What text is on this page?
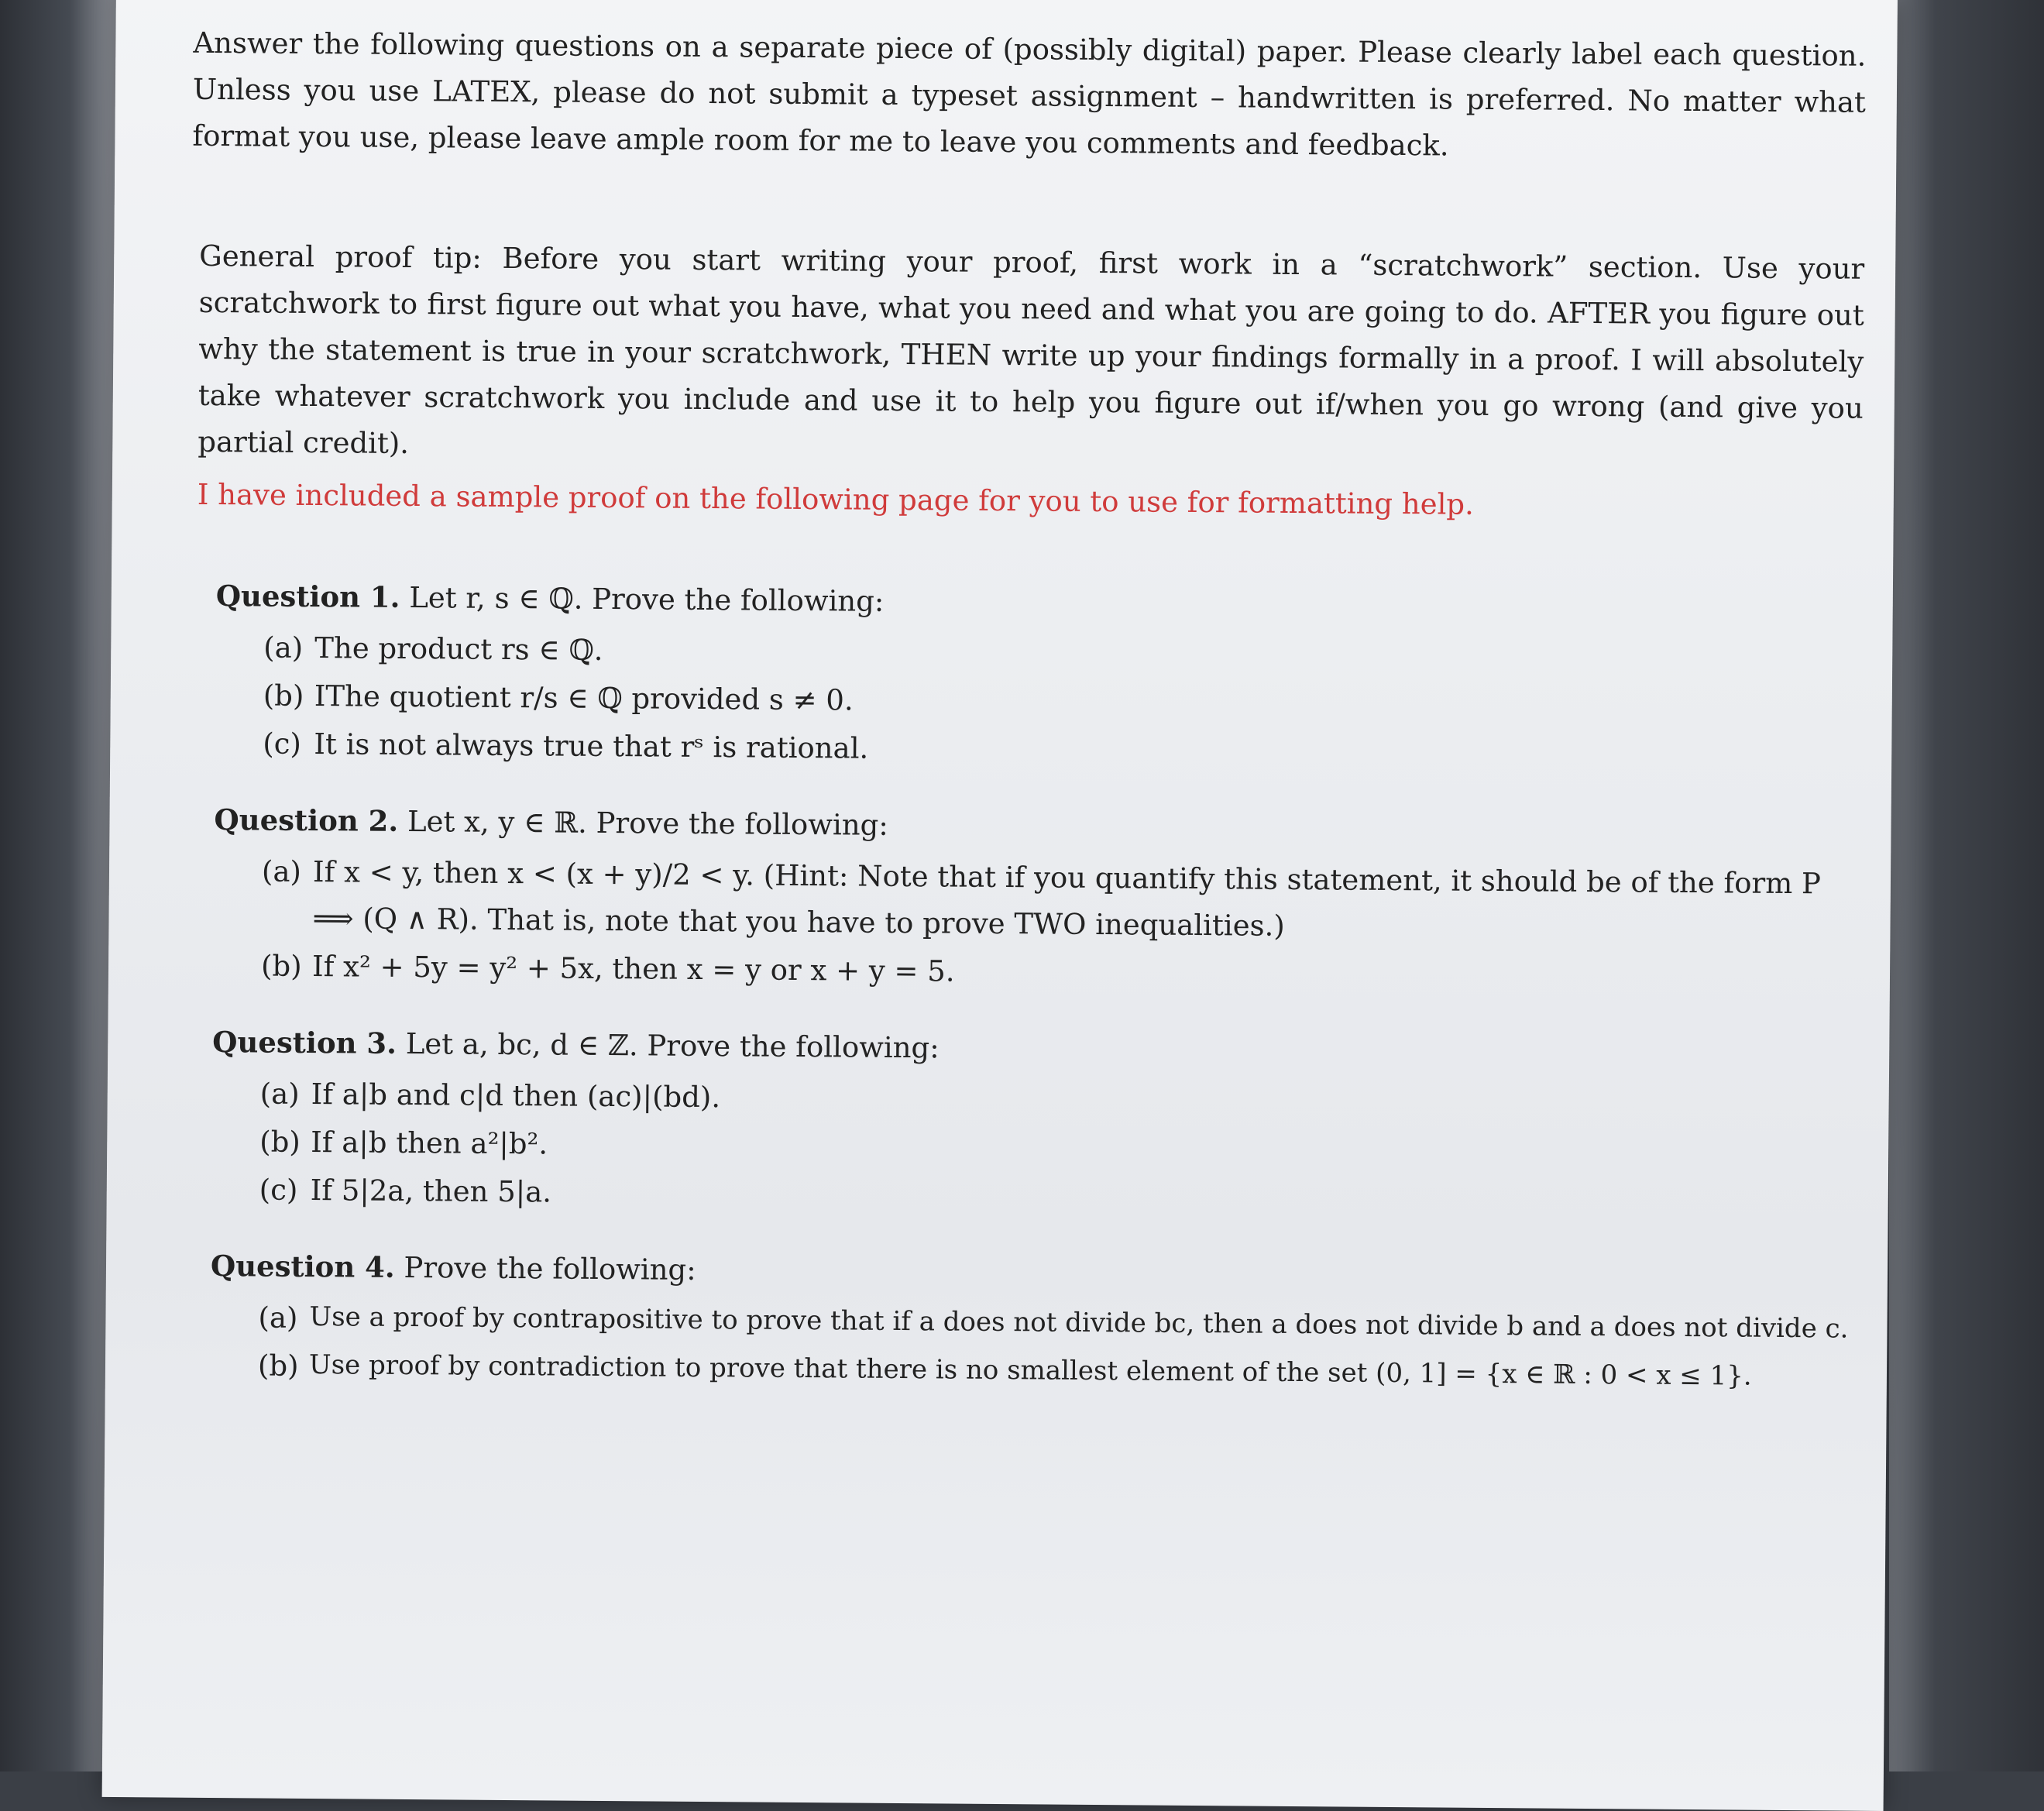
Answer the following questions on a separate piece of (possibly digital) paper. Please clearly label each question. Unless you use LATEX, please do not submit a typeset assignment – handwritten is preferred. No matter what format you use, please leave ample room for me to leave you comments and feedback.

General proof tip: Before you start writing your proof, first work in a “scratchwork” section. Use your scratchwork to first figure out what you have, what you need and what you are going to do. AFTER you figure out why the statement is true in your scratchwork, THEN write up your findings formally in a proof. I will absolutely take whatever scratchwork you include and use it to help you figure out if/when you go wrong (and give you partial credit).

I have included a sample proof on the following page for you to use for formatting help.

Question 1. Let r, s ∈ ℚ. Prove the following:
(a) The product rs ∈ ℚ.
(b) IThe quotient r/s ∈ ℚ provided s ≠ 0.
(c) It is not always true that rˢ is rational.
Question 2. Let x, y ∈ ℝ. Prove the following:
(a) If x < y, then x < (x + y)/2 < y. (Hint: Note that if you quantify this statement, it should be of the form P ⟹ (Q ∧ R). That is, note that you have to prove TWO inequalities.)
(b) If x² + 5y = y² + 5x, then x = y or x + y = 5.
Question 3. Let a, bc, d ∈ ℤ. Prove the following:
(a) If a|b and c|d then (ac)|(bd).
(b) If a|b then a²|b².
(c) If 5|2a, then 5|a.
Question 4. Prove the following:
(a) Use a proof by contrapositive to prove that if a does not divide bc, then a does not divide b and a does not divide c.
(b) Use proof by contradiction to prove that there is no smallest element of the set (0, 1] = {x ∈ ℝ : 0 < x ≤ 1}.
